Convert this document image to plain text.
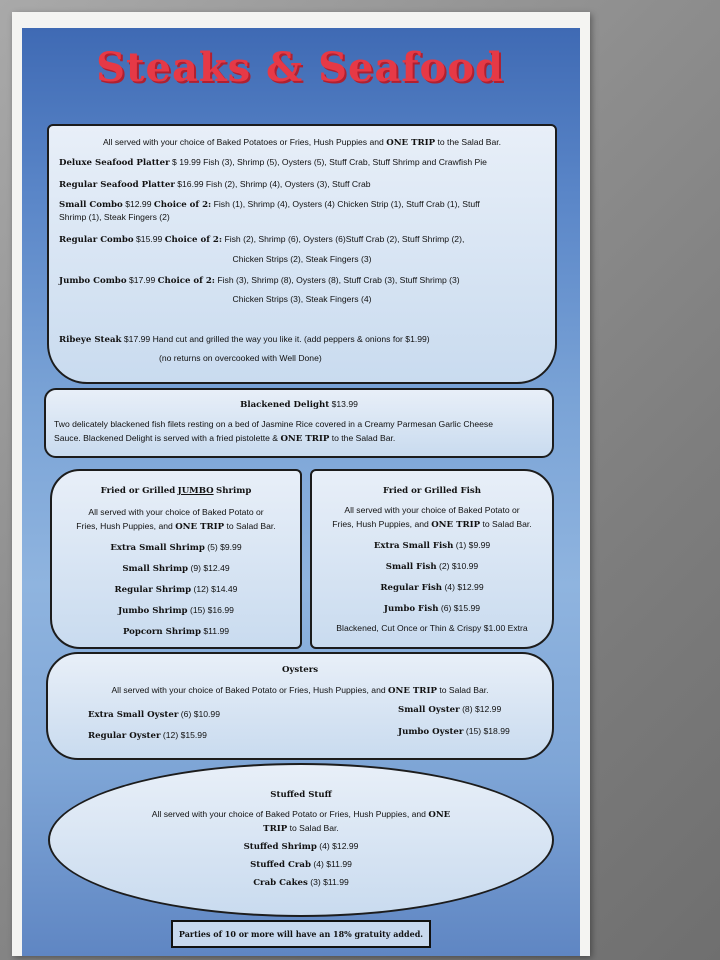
Steaks & Seafood
All served with your choice of Baked Potatoes or Fries, Hush Puppies and ONE TRIP to the Salad Bar.
Deluxe Seafood Platter $ 19.99 Fish (3), Shrimp (5), Oysters (5), Stuff Crab, Stuff Shrimp and Crawfish Pie
Regular Seafood Platter $16.99 Fish (2), Shrimp (4), Oysters (3), Stuff Crab
Small Combo $12.99 Choice of 2: Fish (1), Shrimp (4), Oysters (4) Chicken Strip (1), Stuff Crab (1), Stuff
Shrimp (1), Steak Fingers (2)
Regular Combo $15.99 Choice of 2: Fish (2), Shrimp (6), Oysters (6)Stuff Crab (2), Stuff Shrimp (2),
Chicken Strips (2), Steak Fingers (3)
Jumbo Combo $17.99 Choice of 2: Fish (3), Shrimp (8), Oysters (8), Stuff Crab (3), Stuff Shrimp (3)
Chicken Strips (3), Steak Fingers (4)
Ribeye Steak $17.99 Hand cut and grilled the way you like it. (add peppers & onions for $1.99)
(no returns on overcooked with Well Done)
Blackened Delight $13.99
Two delicately blackened fish filets resting on a bed of Jasmine Rice covered in a Creamy Parmesan Garlic Cheese
Sauce. Blackened Delight is served with a fried pistolette & ONE TRIP to the Salad Bar.
Fried or Grilled JUMBO Shrimp
All served with your choice of Baked Potato or
Fries, Hush Puppies, and ONE TRIP to Salad Bar.
Extra Small Shrimp (5) $9.99
Small Shrimp (9) $12.49
Regular Shrimp (12) $14.49
Jumbo Shrimp (15) $16.99
Popcorn Shrimp $11.99
Fried or Grilled Fish
All served with your choice of Baked Potato or
Fries, Hush Puppies, and ONE TRIP to Salad Bar.
Extra Small Fish (1) $9.99
Small Fish (2) $10.99
Regular Fish (4) $12.99
Jumbo Fish (6) $15.99
Blackened, Cut Once or Thin & Crispy $1.00 Extra
Oysters
All served with your choice of Baked Potato or Fries, Hush Puppies, and ONE TRIP to Salad Bar.
Extra Small Oyster (6) $10.99	Small Oyster (8) $12.99
Regular Oyster (12) $15.99	Jumbo Oyster (15) $18.99
Stuffed Stuff
All served with your choice of Baked Potato or Fries, Hush Puppies, and ONE
TRIP to Salad Bar.
Stuffed Shrimp (4) $12.99
Stuffed Crab (4) $11.99
Crab Cakes (3) $11.99
Parties of 10 or more will have an 18% gratuity added.
